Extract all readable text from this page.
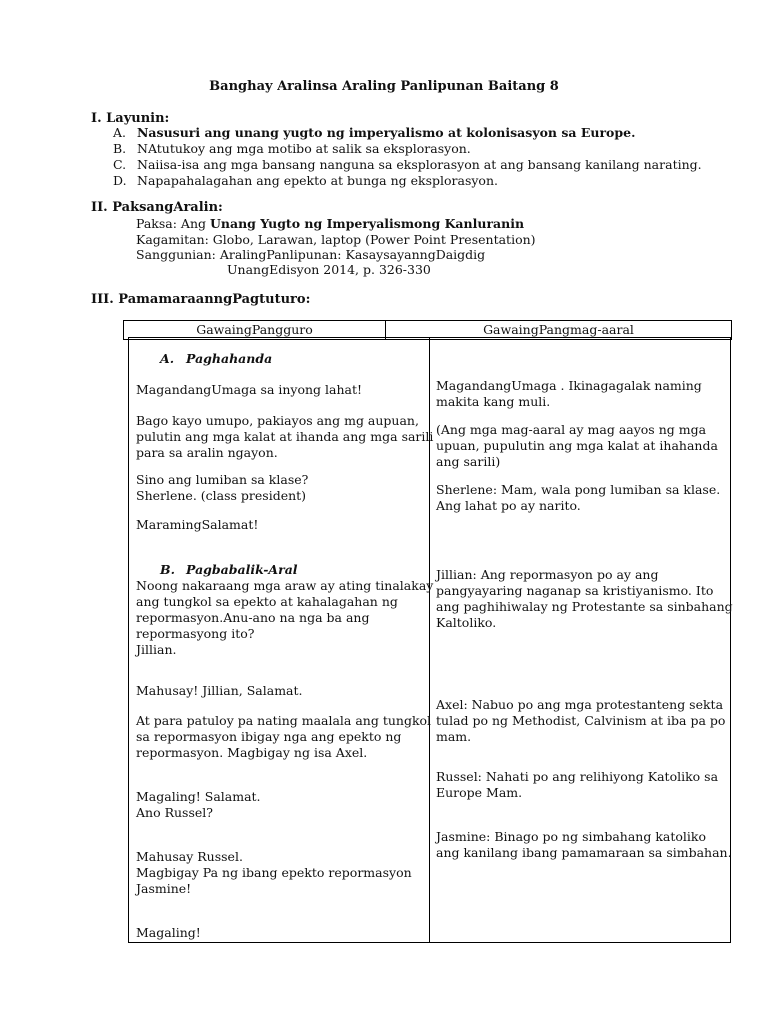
Banghay Aralinsa Araling Panlipunan Baitang 8
I. Layunin:
A. Nasusuri ang unang yugto ng imperyalismo at kolonisasyon sa Europe.
B. NAtutukoy ang mga motibo at salik sa eksplorasyon.
C. Naiisa-isa ang mga bansang nanguna sa eksplorasyon at ang bansang kanilang narating.
D. Napapahalagahan ang epekto at bunga ng eksplorasyon.
II. PaksangAralin:
Paksa: Ang Unang Yugto ng Imperyalismong Kanluranin
Kagamitan: Globo, Larawan, laptop (Power Point Presentation)
Sanggunian: AralingPanlipunan: KasaysayanngDaigdig
UnangEdisyon 2014, p. 326-330
III. PamamaraanngPagtuturo:
GawaingPangguro	GawaingPangmag-aaral
A. Paghahanda
MagandangUmaga sa inyong lahat!
Bago kayo umupo, pakiayos ang mg aupuan,
pulutin ang mga kalat at ihanda ang mga sarili
para sa aralin ngayon.
Sino ang lumiban sa klase?
Sherlene. (class president)
MaramingSalamat!
B. Pagbabalik-Aral
Noong nakaraang mga araw ay ating tinalakay
ang tungkol sa epekto at kahalagahan ng
repormasyon.Anu-ano na nga ba ang
repormasyong ito?
Jillian.
Mahusay! Jillian, Salamat.
At para patuloy pa nating maalala ang tungkol
sa repormasyon ibigay nga ang epekto ng
repormasyon. Magbigay ng isa Axel.
Magaling! Salamat.
Ano Russel?
Mahusay Russel.
Magbigay Pa ng ibang epekto repormasyon
Jasmine!
Magaling!
MagandangUmaga . Ikinagagalak naming
makita kang muli.
(Ang mga mag-aaral ay mag aayos ng mga
upuan, pupulutin ang mga kalat at ihahanda
ang sarili)
Sherlene: Mam, wala pong lumiban sa klase.
Ang lahat po ay narito.
Jillian: Ang repormasyon po ay ang
pangyayaring naganap sa kristiyanismo. Ito
ang paghihiwalay ng Protestante sa sinbahang
Kaltoliko.
Axel: Nabuo po ang mga protestanteng sekta
tulad po ng Methodist, Calvinism at iba pa po
mam.
Russel: Nahati po ang relihiyong Katoliko sa
Europe Mam.
Jasmine: Binago po ng simbahang katoliko
ang kanilang ibang pamamaraan sa simbahan.
